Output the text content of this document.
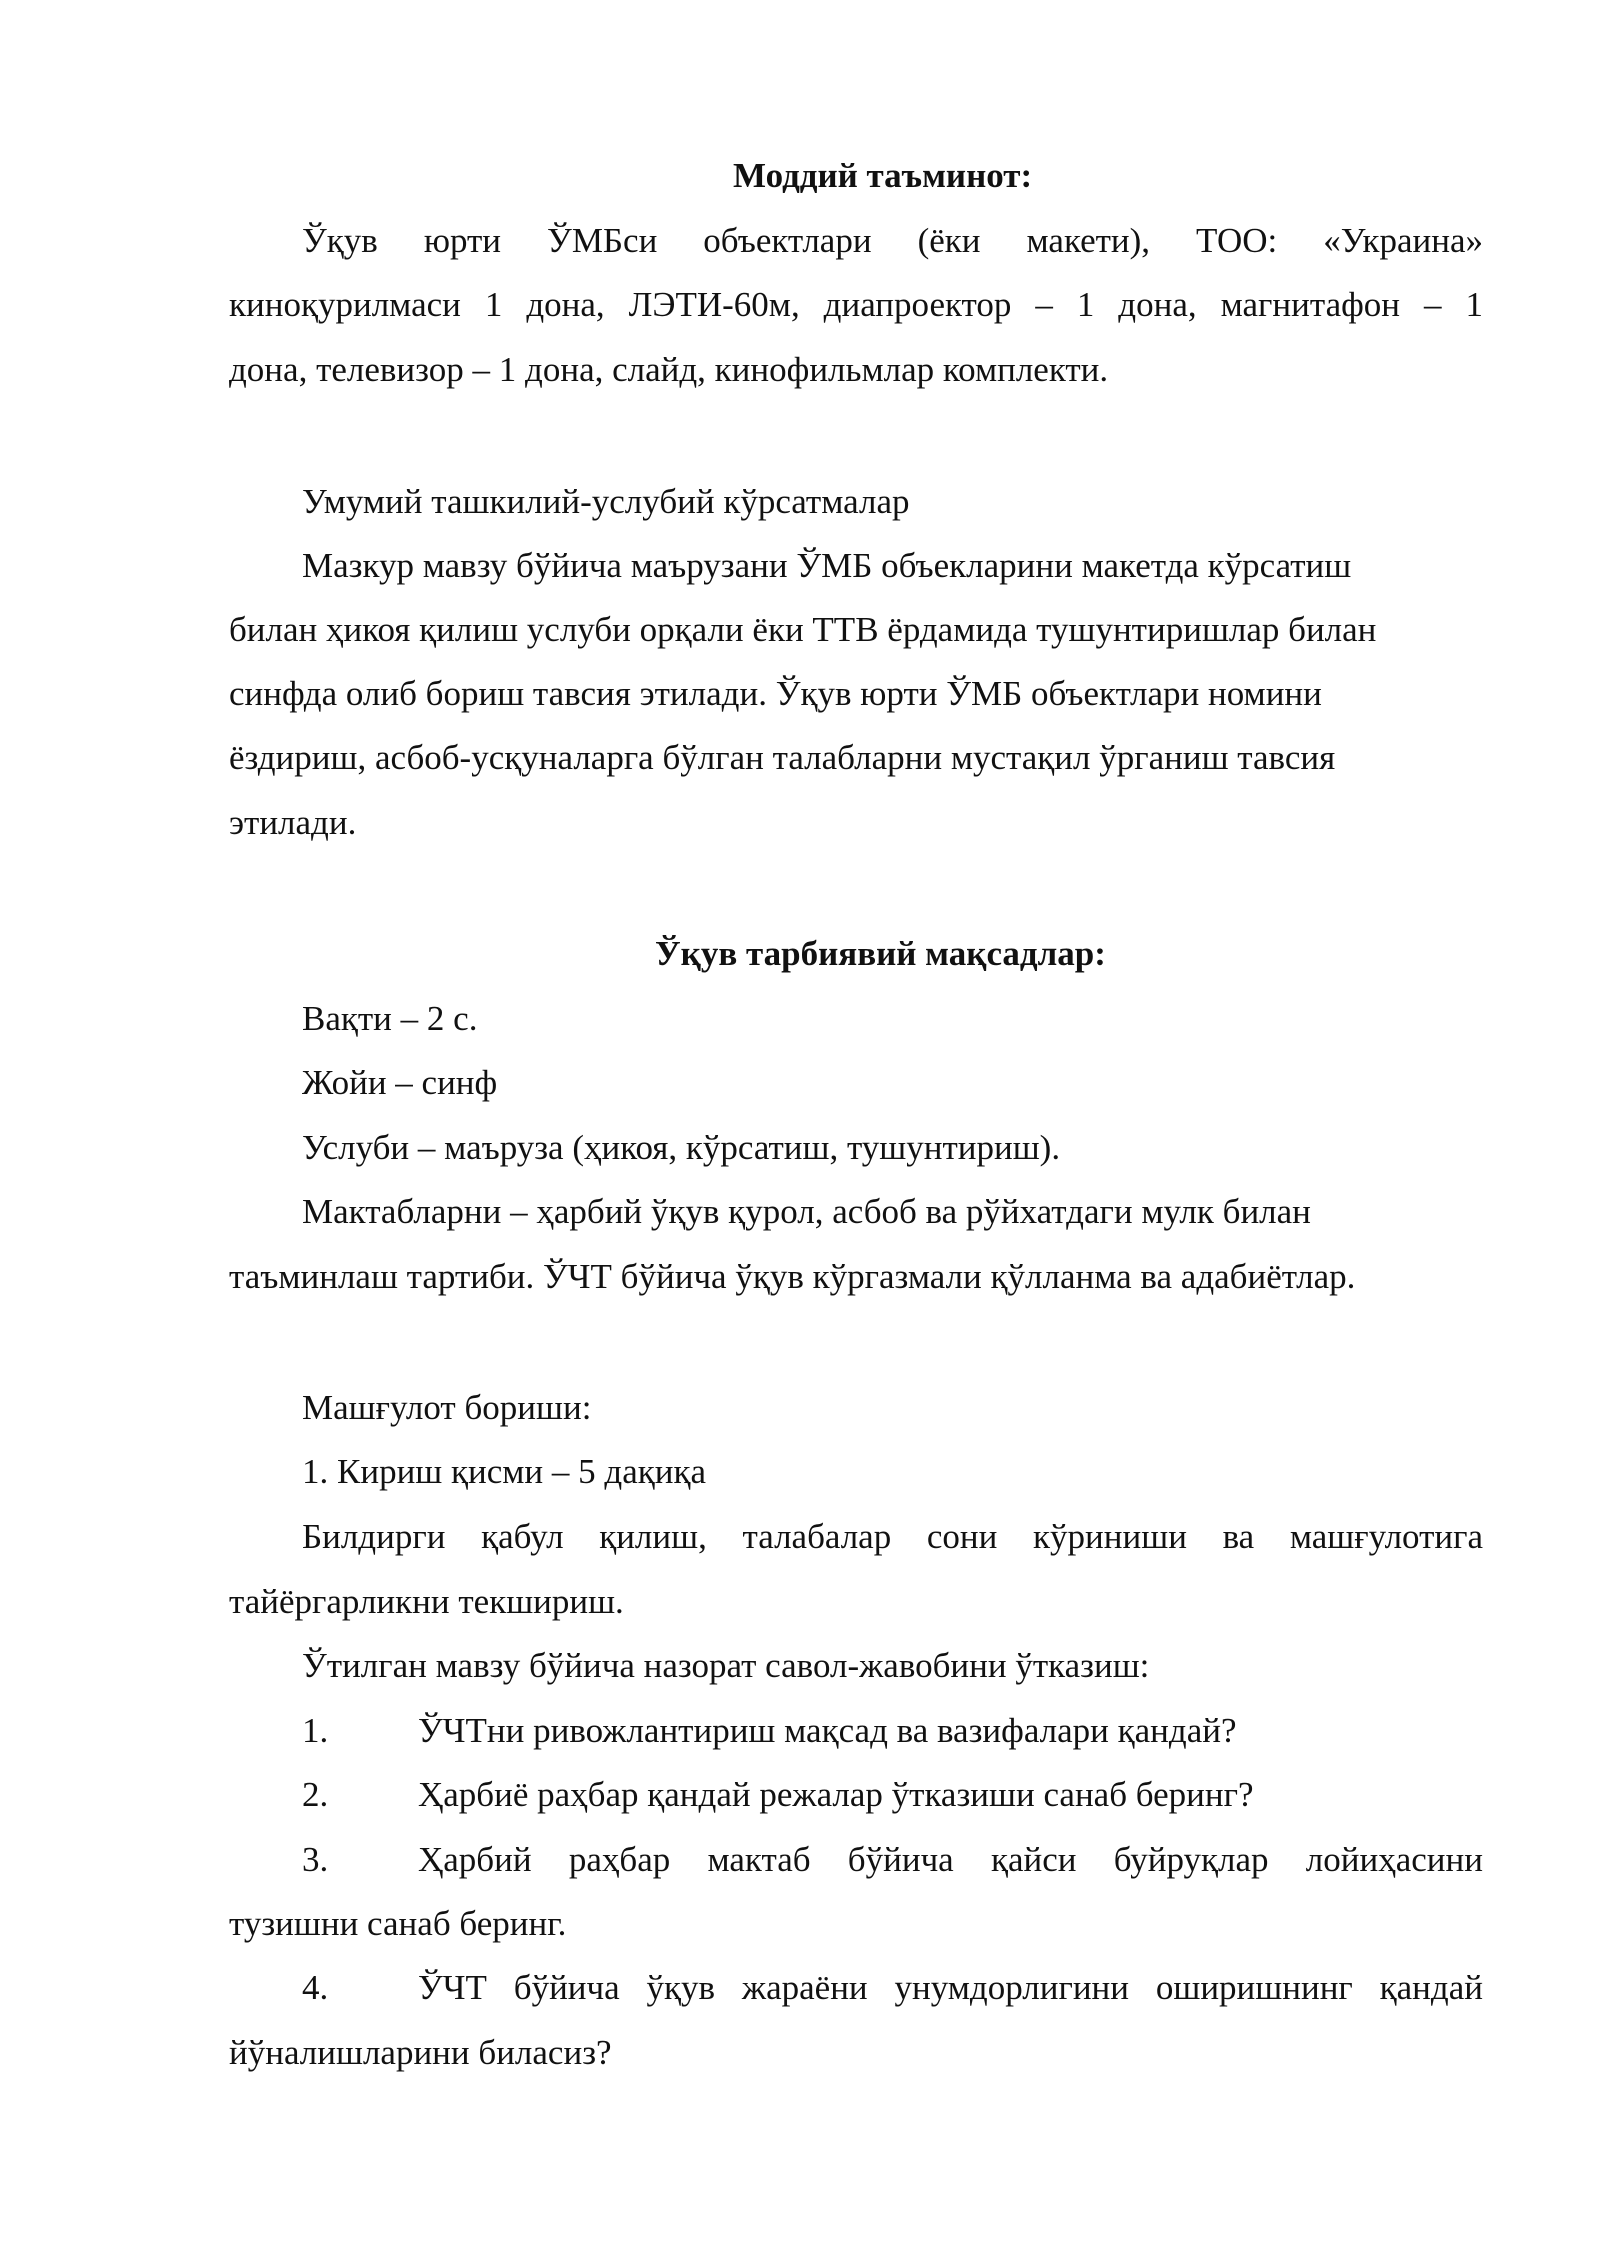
Моддий таъминот:
Ўқув юрти ЎМБси объектлари (ёки макети), ТОО: «Украина»
киноқурилмаси 1 дона, ЛЭТИ-60м, диапроектор – 1 дона, магнитафон – 1
дона, телевизор – 1 дона, слайд, кинофильмлар комплекти.
Умумий ташкилий-услубий кўрсатмалар
Мазкур мавзу бўйича маърузани ЎМБ объекларини макетда кўрсатиш
билан ҳикоя қилиш услуби орқали ёки ТТВ ёрдамида тушунтиришлар билан
синфда олиб бориш тавсия этилади. Ўқув юрти ЎМБ объектлари номини
ёздириш, асбоб-усқуналарга бўлган талабларни мустақил ўрганиш тавсия
этилади.
Ўқув тарбиявий мақсадлар:
Вақти – 2 с.
Жойи – синф
Услуби – маъруза (ҳикоя, кўрсатиш, тушунтириш).
Мактабларни – ҳарбий ўқув қурол, асбоб ва рўйхатдаги мулк билан
таъминлаш тартиби. ЎЧТ бўйича ўқув кўргазмали қўлланма ва адабиётлар.
Машғулот бориши:
1. Кириш қисми – 5 дақиқа
Билдирги қабул қилиш, талабалар сони кўриниши ва машғулотига
тайёргарликни текшириш.
Ўтилган мавзу бўйича назорат савол-жавобини ўтказиш:
1.	ЎЧТни ривожлантириш мақсад ва вазифалари қандай?
2.	Ҳарбиё раҳбар қандай режалар ўтказиши санаб беринг?
3.	Ҳарбий раҳбар мактаб бўйича қайси буйруқлар лойиҳасини
тузишни санаб беринг.
4.	ЎЧТ бўйича ўқув жараёни унумдорлигини оширишнинг қандай
йўналишларини биласиз?
